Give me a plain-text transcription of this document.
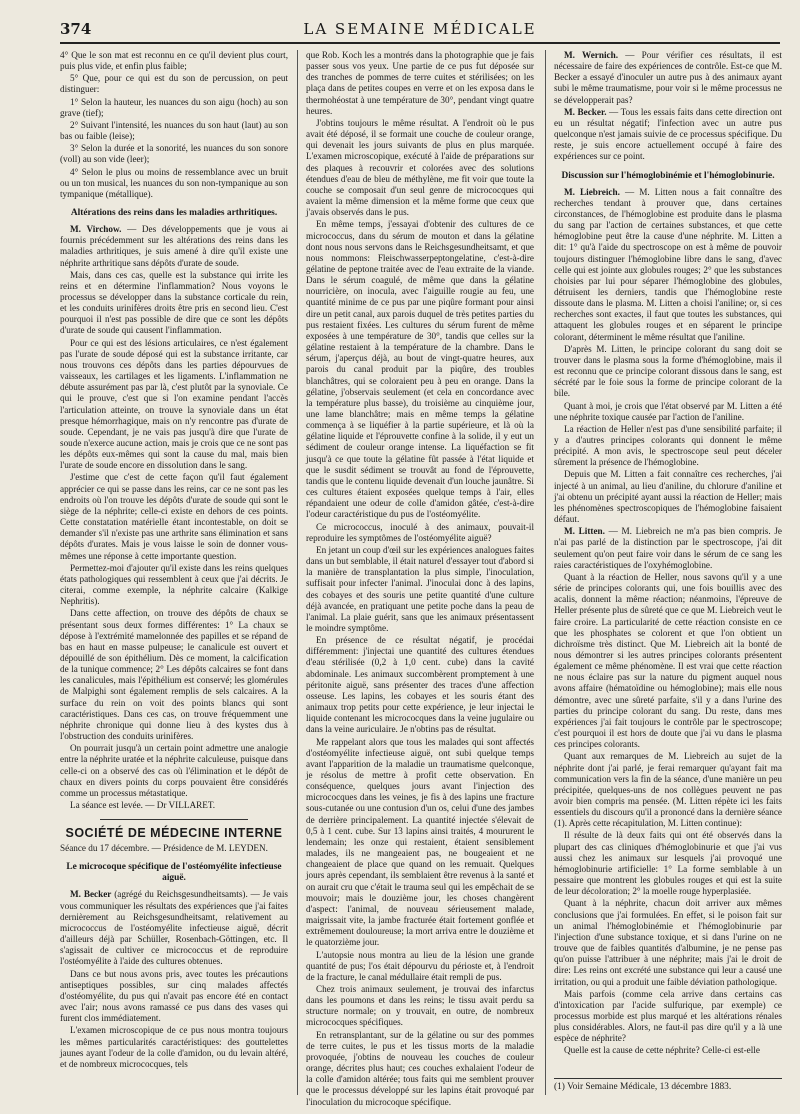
374	LA SEMAINE MÉDICALE

4° Que le son mat est reconnu en ce qu'il devient plus court, puis plus vide, et enfin plus faible;

5° Que, pour ce qui est du son de percussion, on peut distinguer:

1° Selon la hauteur, les nuances du son aigu (hoch) au son grave (tief);

2° Suivant l'intensité, les nuances du son haut (laut) au son bas ou faible (leise);

3° Selon la durée et la sonorité, les nuances du son sonore (voll) au son vide (leer);

4° Selon le plus ou moins de ressemblance avec un bruit ou un ton musical, les nuances du son non-tympanique au son tympanique (métallique).

Altérations des reins dans les maladies arthritiques.

M. Virchow. — Des développements que je vous ai fournis précédemment sur les altérations des reins dans les maladies arthritiques, je suis amené à dire qu'il existe une néphrite arthritique sans dépôts d'urate de soude.

Mais, dans ces cas, quelle est la substance qui irrite les reins et en détermine l'inflammation? Nous voyons le processus se développer dans la substance corticale du rein, et les conduits urinifères droits être pris en second lieu. C'est pourquoi il n'est pas possible de dire que ce sont les dépôts d'urate de soude qui causent l'inflammation.

Pour ce qui est des lésions articulaires, ce n'est également pas l'urate de soude déposé qui est la substance irritante, car nous trouvons ces dépôts dans les parties dépourvues de vaisseaux, les cartilages et les ligaments. L'inflammation ne débute assurément pas par là, c'est plutôt par la synoviale. Ce qui le prouve, c'est que si l'on examine pendant l'accès l'articulation atteinte, on trouve la synoviale dans un état presque hémorrhagique, mais on n'y rencontre pas d'urate de soude. Cependant, je ne vais pas jusqu'à dire que l'urate de soude n'exerce aucune action, mais je crois que ce ne sont pas les dépôts eux-mêmes qui sont la cause du mal, mais bien l'urate de soude encore en dissolution dans le sang.

J'estime que c'est de cette façon qu'il faut également apprécier ce qui se passe dans les reins, car ce ne sont pas les endroits où l'on trouve les dépôts d'urate de soude qui sont le siège de la néphrite; celle-ci existe en dehors de ces points. Cette constatation matérielle étant incontestable, on doit se demander s'il n'existe pas une arthrite sans élimination et sans dépôts d'urates. Mais je vous laisse le soin de donner vous-mêmes une réponse à cette importante question.

Permettez-moi d'ajouter qu'il existe dans les reins quelques états pathologiques qui ressemblent à ceux que j'ai décrits. Je citerai, comme exemple, la néphrite calcaire (Kalkige Nephritis).

Dans cette affection, on trouve des dépôts de chaux se présentant sous deux formes différentes: 1° La chaux se dépose à l'extrémité mamelonnée des papilles et se répand de bas en haut en masse pulpeuse; le canalicule est ouvert et dépouillé de son épithélium. Dès ce moment, la calcification de la tunique commence; 2° Les dépôts calcaires se font dans les canalicules, mais l'épithélium est conservé; les glomérules de Malpighi sont également remplis de sels calcaires. A la surface du rein on voit des points blancs qui sont caractéristiques. Dans ces cas, on trouve fréquemment une néphrite chronique qui donne lieu à des kystes dus à l'obstruction des conduits urinifères.

On pourrait jusqu'à un certain point admettre une analogie entre la néphrite uratée et la néphrite calculeuse, puisque dans celle-ci on a observé des cas où l'élimination et le dépôt de chaux en divers points du corps pouvaient être considérés comme un processus métastatique.

La séance est levée. — Dr VILLARET.

SOCIÉTÉ DE MÉDECINE INTERNE

Séance du 17 décembre. — Présidence de M. LEYDEN.

Le microcoque spécifique de l'ostéomyélite infectieuse aiguë.

M. Becker (agrégé du Reichsgesundheitsamts). — Je vais vous communiquer les résultats des expériences que j'ai faites dernièrement au Reichsgesundheitsamt, relativement au micrococcus de l'ostéomyélite infectieuse aiguë, décrit d'ailleurs déjà par Schüller, Rosenbach-Göttingen, etc. Il s'agissait de cultiver ce micrococcus et de reproduire l'ostéomyélite à l'aide des cultures obtenues.

Dans ce but nous avons pris, avec toutes les précautions antiseptiques possibles, sur cinq malades affectés d'ostéomyélite, du pus qui n'avait pas encore été en contact avec l'air; nous avons ramassé ce pus dans des vases qui furent clos immédiatement.

L'examen microscopique de ce pus nous montra toujours les mêmes particularités caractéristiques: des gouttelettes jaunes ayant l'odeur de la colle d'amidon, ou du levain altéré, et de nombreux micrococques, tels

que Rob. Koch les a montrés dans la photographie que je fais passer sous vos yeux. Une partie de ce pus fut déposée sur des tranches de pommes de terre cuites et stérilisées; on les plaça dans de petites coupes en verre et on les exposa dans le thermohéostat à une température de 30°, pendant vingt quatre heures.

J'obtins toujours le même résultat. A l'endroit où le pus avait été déposé, il se formait une couche de couleur orange, qui devenait les jours suivants de plus en plus marquée. L'examen microscopique, exécuté à l'aide de préparations sur des plaques à recouvrir et colorées avec des solutions étendues d'eau de bleu de méthylène, me fit voir que toute la couche se composait d'un seul genre de micrococques qui avaient la même dimension et la même forme que ceux que j'avais observés dans le pus.

En même temps, j'essayai d'obtenir des cultures de ce micrococcus, dans du sérum de mouton et dans la gélatine dont nous nous servons dans le Reichsgesundheitsamt, et que nous nommons: Fleischwasserpeptongelatine, c'est-à-dire gélatine de peptone traitée avec de l'eau extraite de la viande. Dans le sérum coagulé, de même que dans la gélatine nourricière, on inocula, avec l'aiguille rougie au feu, une quantité minime de ce pus par une piqûre formant pour ainsi dire un petit canal, aux parois duquel de très petites parties du pus restaient fixées. Les cultures du sérum furent de même exposées à une température de 30°, tandis que celles sur la gélatine restaient à la température de la chambre. Dans le sérum, j'aperçus déjà, au bout de vingt-quatre heures, aux parois du canal produit par la piqûre, des troubles blanchâtres, qui se coloraient peu à peu en orange. Dans la gélatine, j'observais seulement (et cela en concordance avec la température plus basse), du troisième au cinquième jour, une lame blanchâtre; mais en même temps la gélatine commença à se liquéfier à la partie supérieure, et là où la gélatine liquide et l'éprouvette confine à la solide, il y eut un sédiment de couleur orange intense. La liquéfaction se fit jusqu'à ce que toute la gélatine fût passée à l'état liquide et que le susdit sédiment se trouvât au fond de l'éprouvette, tandis que le contenu liquide devenait d'un louche jaunâtre. Si ces cultures étaient exposées quelque temps à l'air, elles répandaient une odeur de colle d'amidon gâtée, c'est-à-dire l'odeur caractéristique du pus de l'ostéomyélite.

Ce micrococcus, inoculé à des animaux, pouvait-il reproduire les symptômes de l'ostéomyélite aiguë?

En jetant un coup d'œil sur les expériences analogues faites dans un but semblable, il était naturel d'essayer tout d'abord si la manière de transplantation la plus simple, l'inoculation, suffisait pour infecter l'animal. J'inoculai donc à des lapins, des cobayes et des souris une petite quantité d'une culture déjà avancée, en pratiquant une petite poche dans la peau de l'animal. La plaie guérit, sans que les animaux présentassent le moindre symptôme.

En présence de ce résultat négatif, je procédai différemment: j'injectai une quantité des cultures étendues d'eau stérilisée (0,2 à 1,0 cent. cube) dans la cavité abdominale. Les animaux succombèrent promptement à une péritonite aiguë, sans présenter des traces d'une affection osseuse. Les lapins, les cobayes et les souris étant des animaux trop petits pour cette expérience, je leur injectai le liquide contenant les micrococques dans la veine jugulaire ou dans la veine auriculaire. Je n'obtins pas de résultat.

Me rappelant alors que tous les malades qui sont affectés d'ostéomyélite infectieuse aiguë, ont subi quelque temps avant l'apparition de la maladie un traumatisme quelconque, je résolus de mettre à profit cette observation. En conséquence, quelques jours avant l'injection des micrococques dans les veines, je fis à des lapins une fracture sous-cutanée ou une contusion d'un os, celui d'une des jambes de derrière principalement. La quantité injectée s'élevait de 0,5 à 1 cent. cube. Sur 13 lapins ainsi traités, 4 moururent le lendemain; les onze qui restaient, étaient sensiblement malades, ils ne mangeaient pas, ne bougeaient et ne changeaient de place que quand on les remuait. Quelques jours après cependant, ils semblaient être revenus à la santé et on aurait cru que c'était le trauma seul qui les empêchait de se mouvoir; mais le douzième jour, les choses changèrent d'aspect: l'animal, de nouveau sérieusement malade, maigrissait vite, la jambe fracturée était fortement gonflée et extrêmement douloureuse; la mort arriva entre le douzième et le quatorzième jour.

L'autopsie nous montra au lieu de la lésion une grande quantité de pus; l'os était dépourvu du périoste et, à l'endroit de la fracture, le canal médullaire était rempli de pus.

Chez trois animaux seulement, je trouvai des infarctus dans les poumons et dans les reins; le tissu avait perdu sa structure normale; on y trouvait, en outre, de nombreux micrococques spécifiques.

En retransplantant, sur de la gélatine ou sur des pommes de terre cuites, le pus et les tissus morts de la maladie provoquée, j'obtins de nouveau les couches de couleur orange, décrites plus haut; ces couches exhalaient l'odeur de la colle d'amidon altérée; tous faits qui me semblent prouver que le processus développé sur les lapins était provoqué par l'inoculation du microcoque spécifique.

M. Wernich. — Pour vérifier ces résultats, il est nécessaire de faire des expériences de contrôle. Est-ce que M. Becker a essayé d'inoculer un autre pus à des animaux ayant subi le même traumatisme, pour voir si le même processus ne se développerait pas?

M. Becker. — Tous les essais faits dans cette direction ont eu un résultat négatif; l'infection avec un autre pus quelconque n'est jamais suivie de ce processus spécifique. Du reste, je suis encore actuellement occupé à faire des expériences sur ce point.

Discussion sur l'hémoglobinémie et l'hémoglobinurie.

M. Liebreich. — M. Litten nous a fait connaître des recherches tendant à prouver que, dans certaines circonstances, de l'hémoglobine est produite dans le plasma du sang par l'action de certaines substances, et que cette hémoglobine peut être la cause d'une néphrite. M. Litten a dit: 1° qu'à l'aide du spectroscope on est à même de pouvoir toujours distinguer l'hémoglobine libre dans le sang, d'avec celle qui est jointe aux globules rouges; 2° que les substances choisies par lui pour séparer l'hémoglobine des globules, détruisent les derniers, tandis que l'hémoglobine reste dissoute dans le plasma. M. Litten a choisi l'aniline; or, si ces recherches sont exactes, il faut que toutes les substances, qui attaquent les globules rouges et en séparent le principe colorant, déterminent le même résultat que l'aniline.

D'après M. Litten, le principe colorant du sang doit se trouver dans le plasma sous la forme d'hémoglobine, mais il est reconnu que ce principe colorant dissous dans le sang, est sécrété par le foie sous la forme de principe colorant de la bile.

Quant à moi, je crois que l'état observé par M. Litten a été une néphrite toxique causée par l'action de l'aniline.

La réaction de Heller n'est pas d'une sensibilité parfaite; il y a d'autres principes colorants qui donnent le même précipité. A mon avis, le spectroscope seul peut déceler sûrement la présence de l'hémoglobine.

Depuis que M. Litten a fait connaître ces recherches, j'ai injecté à un animal, au lieu d'aniline, du chlorure d'aniline et j'ai obtenu un précipité ayant aussi la réaction de Heller; mais les phénomènes spectroscopiques de l'hémoglobine faisaient défaut.

M. Litten. — M. Liebreich ne m'a pas bien compris. Je n'ai pas parlé de la distinction par le spectroscope, j'ai dit seulement qu'on peut faire voir dans le sérum de ce sang les raies caractéristiques de l'oxyhémoglobine.

Quant à la réaction de Heller, nous savons qu'il y a une série de principes colorants qui, une fois bouillis avec des acalis, donnent la même réaction; néanmoins, l'épreuve de Heller présente plus de sûreté que ce que M. Liebreich veut le faire croire. La particularité de cette réaction consiste en ce que les phosphates se colorent et que l'on obtient un dichroïsme très distinct. Que M. Liebreich ait la bonté de nous démontrer si les autres principes colorants présentent également ce même phénomène. Il est vrai que cette réaction ne nous éclaire pas sur la nature du pigment auquel nous avons affaire (hématoïdine ou hémoglobine); mais elle nous démontre, avec une sûreté parfaite, s'il y a dans l'urine des parties du principe colorant du sang. Du reste, dans mes expériences j'ai fait toujours le contrôle par le spectroscope; c'est pourquoi il est hors de doute que j'ai vu dans le plasma ces principes colorants.

Quant aux remarques de M. Liebreich au sujet de la néphrite dont j'ai parlé, je ferai remarquer qu'ayant fait ma communication vers la fin de la séance, d'une manière un peu précipitée, quelques-uns de nos collègues peuvent ne pas avoir bien compris ma pensée. (M. Litten répète ici les faits essentiels du discours qu'il a prononcé dans la dernière séance (1). Après cette récapitulation, M. Litten continue):

Il résulte de là deux faits qui ont été observés dans la plupart des cas cliniques d'hémoglobinurie et que j'ai vus aussi chez les animaux sur lesquels j'ai provoqué une hémoglobinurie artificielle: 1° La forme semblable à un pessaire que montrent les globules rouges et qui est la suite de leur décoloration; 2° la moelle rouge hyperplasiée.

Quant à la néphrite, chacun doit arriver aux mêmes conclusions que j'ai formulées. En effet, si le poison fait sur un animal l'hémoglobinémie et l'hémoglobinurie par l'injection d'une substance toxique, et si dans l'urine on ne trouve que de faibles quantités d'albumine, je ne pense pas qu'on puisse l'attribuer à une néphrite; mais j'ai le droit de dire: Les reins ont excrété une substance qui leur a causé une irritation, ou qui a produit une faible déviation pathologique.

Mais parfois (comme cela arrive dans certains cas d'intoxication par l'acide sulfurique, par exemple) ce processus morbide est plus marqué et les altérations rénales plus considérables. Alors, ne faut-il pas dire qu'il y a là une espèce de néphrite?

Quelle est la cause de cette néphrite? Celle-ci est-elle

(1) Voir Semaine Médicale, 13 décembre 1883.
